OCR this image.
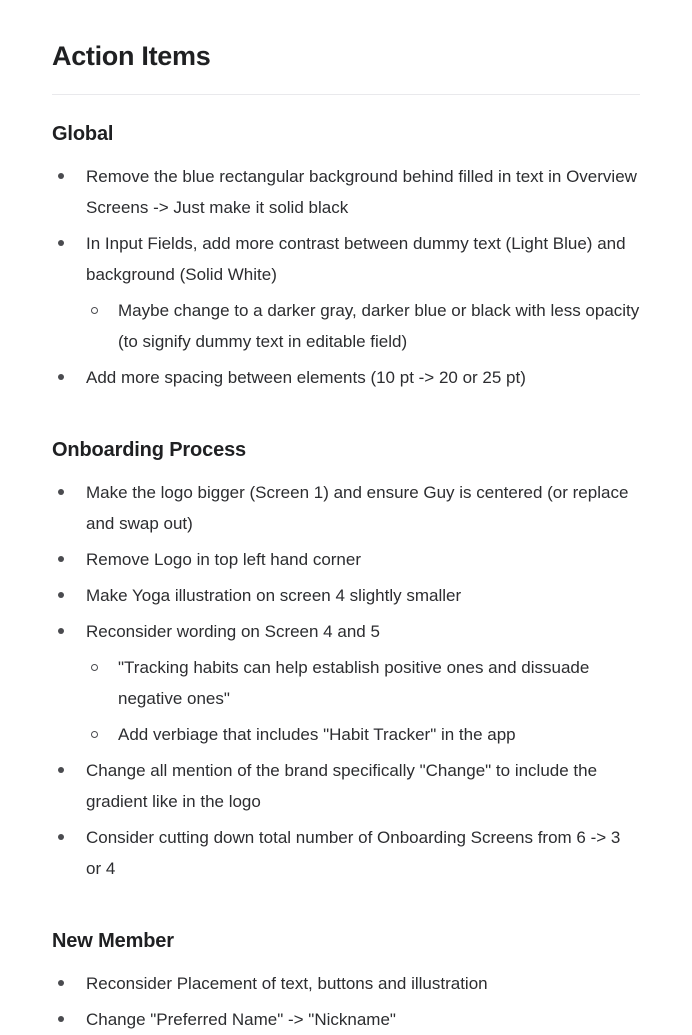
Action Items
Global
Remove the blue rectangular background behind filled in text in Overview Screens -> Just make it solid black
In Input Fields, add more contrast between dummy text (Light Blue) and background (Solid White)
Maybe change to a darker gray, darker blue or black with less opacity (to signify dummy text in editable field)
Add more spacing between elements (10 pt -> 20 or 25 pt)
Onboarding Process
Make the logo bigger (Screen 1) and ensure Guy is centered (or replace and swap out)
Remove Logo in top left hand corner
Make Yoga illustration on screen 4 slightly smaller
Reconsider wording on Screen 4 and 5
"Tracking habits can help establish positive ones and dissuade negative ones"
Add verbiage that includes "Habit Tracker" in the app
Change all mention of the brand specifically "Change" to include the gradient like in the logo
Consider cutting down total number of Onboarding Screens from 6 -> 3 or 4
New Member
Reconsider Placement of text, buttons and illustration
Change "Preferred Name" -> "Nickname"
